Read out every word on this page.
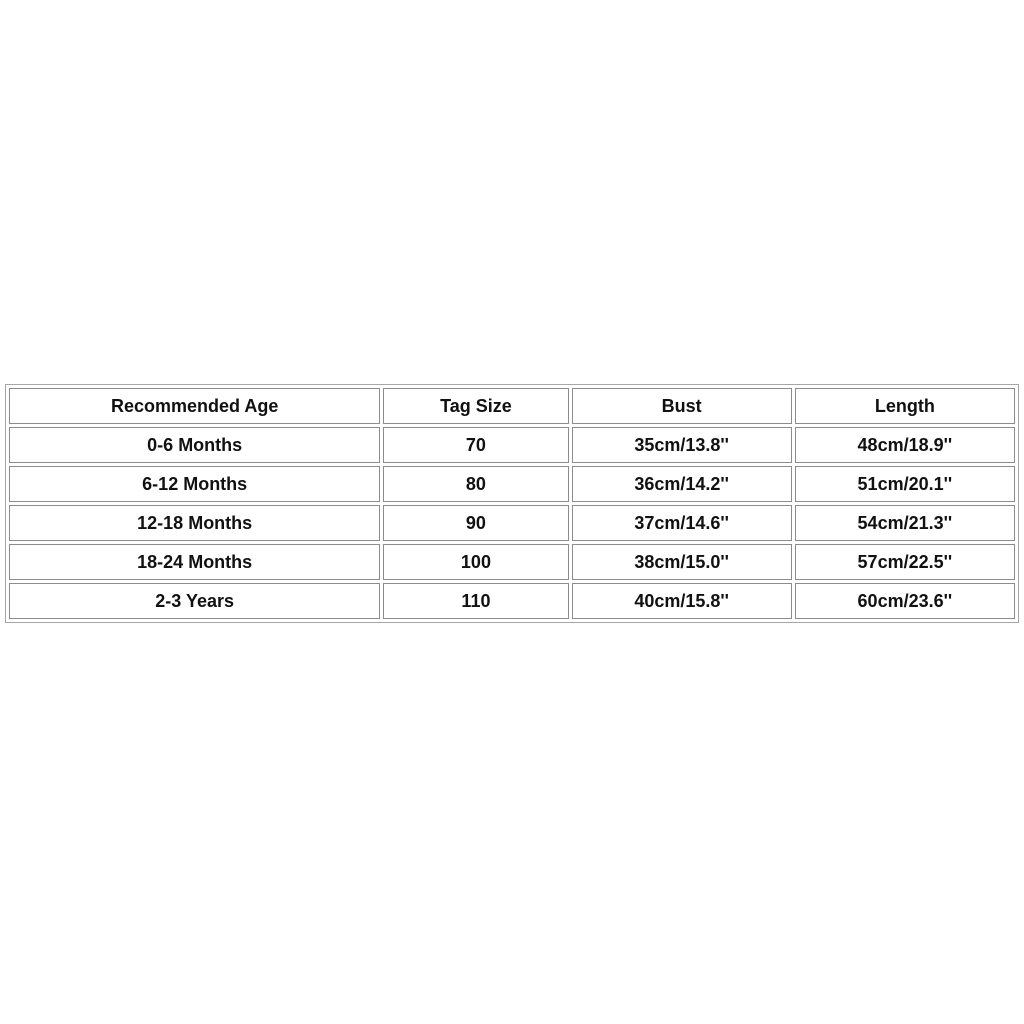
Recommended Age	Tag Size	Bust	Length
0-6 Months	70	35cm/13.8''	48cm/18.9''
6-12 Months	80	36cm/14.2''	51cm/20.1''
12-18 Months	90	37cm/14.6''	54cm/21.3''
18-24 Months	100	38cm/15.0''	57cm/22.5''
2-3 Years	110	40cm/15.8''	60cm/23.6''
